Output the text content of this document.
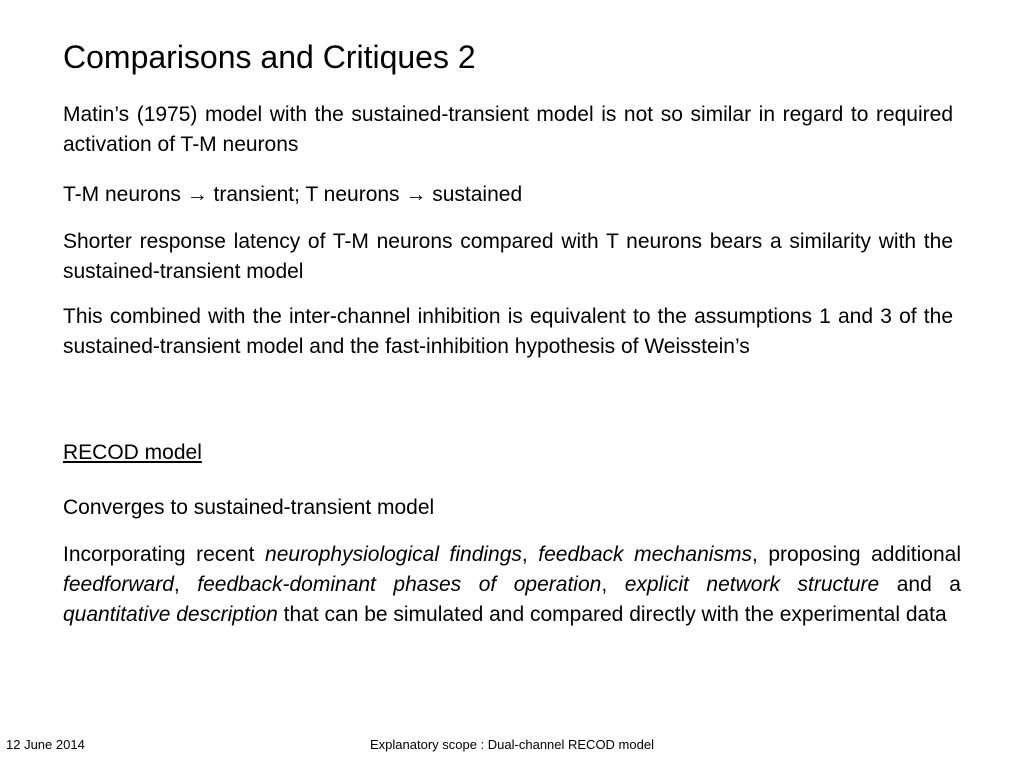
Comparisons and Critiques 2

Matin’s (1975) model with the sustained-transient model is not so similar in regard to required activation of T-M neurons

T-M neurons → transient; T neurons → sustained

Shorter response latency of T-M neurons compared with T neurons bears a similarity with the sustained-transient model

This combined with the inter-channel inhibition is equivalent to the assumptions 1 and 3 of the sustained-transient model and the fast-inhibition hypothesis of Weisstein’s

RECOD model

Converges to sustained-transient model

Incorporating recent neurophysiological findings, feedback mechanisms, proposing additional feedforward, feedback-dominant phases of operation, explicit network structure and a quantitative description that can be simulated and compared directly with the experimental data

12 June 2014	Explanatory scope : Dual-channel RECOD model
